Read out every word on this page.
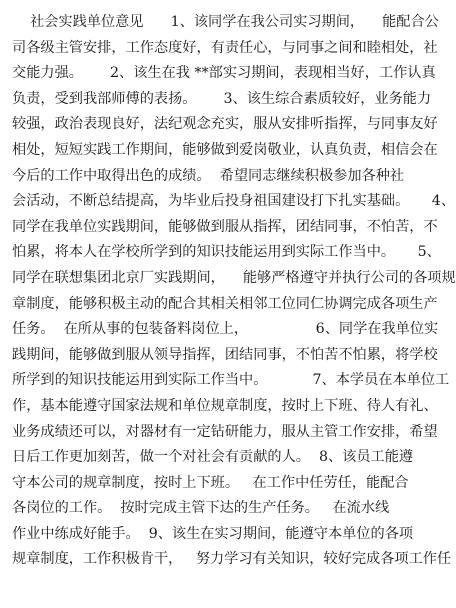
社会实践单位意见      1、该同学在我公司实习期间，    能配合公
司各级主管安排，工作态度好，有责任心，与同事之间和睦相处，社
交能力强。      2、该生在我 **部实习期间，表现相当好，工作认真
负责，受到我部师傅的表扬。      3、该生综合素质较好，业务能力
较强，政治表现良好，法纪观念充实，服从安排听指挥，与同事友好
相处，短短实践工作期间，能够做到爱岗敬业，认真负责，相信会在
今后的工作中取得出色的成绩。  希望同志继续积极参加各种社
会活动，不断总结提高，为毕业后投身祖国建设打下扎实基础。     4、
同学在我单位实践期间，能够做到服从指挥，团结同事，不怕苦，不
怕累，将本人在学校所学到的知识技能运用到实际工作当中。     5、
同学在联想集团北京厂实践期间，    能够严格遵守并执行公司的各项规
章制度，能够积极主动的配合其相关相邻工位同仁协调完成各项生产
任务。  在所从事的包装备料岗位上，               6、同学在我单位实
践期间，能够做到服从领导指挥，团结同事，不怕苦不怕累，将学校
所学到的知识技能运用到实际工作当中。          7、本学员在本单位工
作，基本能遵守国家法规和单位规章制度，按时上下班、待人有礼、
业务成绩还可以，对器材有一定钻研能力，服从主管工作安排，希望
日后工作更加刻苦，做一个对社会有贡献的人。  8、该员工能遵
守本公司的规章制度，按时上下班。   在工作中任劳任，能配合
各岗位的工作。  按时完成主管下达的生产任务。   在流水线
作业中练成好能手。  9、该生在实习期间，能遵守本单位的各项
规章制度，工作积极肯干，   努力学习有关知识，较好完成各项工作任
